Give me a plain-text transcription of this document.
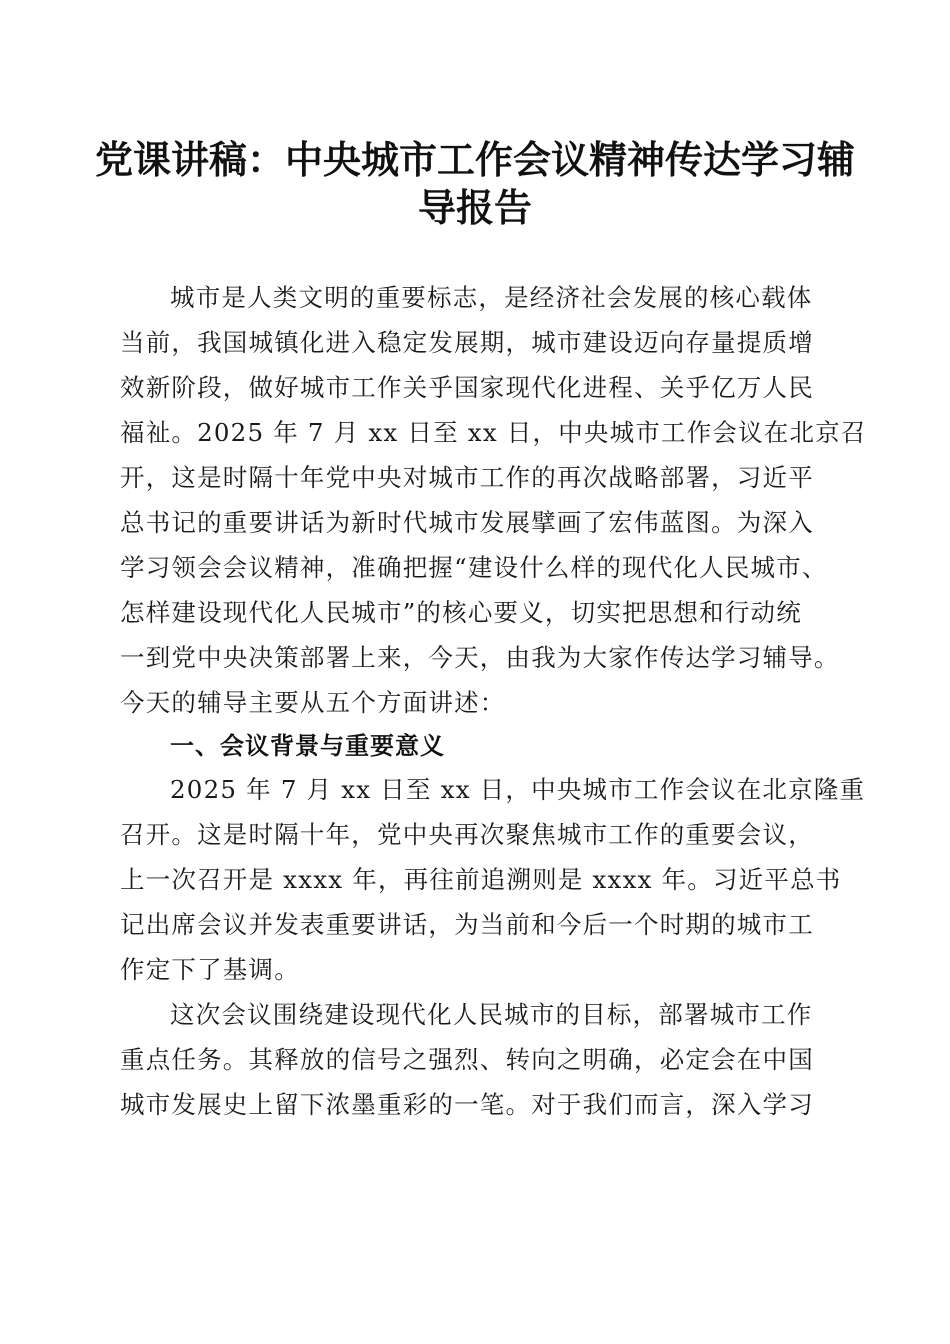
党课讲稿：中央城市工作会议精神传达学习辅
导报告
城市是人类文明的重要标志，是经济社会发展的核心载体
当前，我国城镇化进入稳定发展期，城市建设迈向存量提质增
效新阶段，做好城市工作关乎国家现代化进程、关乎亿万人民
福祉。2025 年 7 月 xx 日至 xx 日，中央城市工作会议在北京召
开，这是时隔十年党中央对城市工作的再次战略部署，习近平
总书记的重要讲话为新时代城市发展擘画了宏伟蓝图。为深入
学习领会会议精神，准确把握“建设什么样的现代化人民城市、
怎样建设现代化人民城市”的核心要义，切实把思想和行动统
一到党中央决策部署上来，今天，由我为大家作传达学习辅导。
今天的辅导主要从五个方面讲述：
一、会议背景与重要意义
2025 年 7 月 xx 日至 xx 日，中央城市工作会议在北京隆重
召开。这是时隔十年，党中央再次聚焦城市工作的重要会议，
上一次召开是 xxxx 年，再往前追溯则是 xxxx 年。习近平总书
记出席会议并发表重要讲话，为当前和今后一个时期的城市工
作定下了基调。
这次会议围绕建设现代化人民城市的目标，部署城市工作
重点任务。其释放的信号之强烈、转向之明确，必定会在中国
城市发展史上留下浓墨重彩的一笔。对于我们而言，深入学习
